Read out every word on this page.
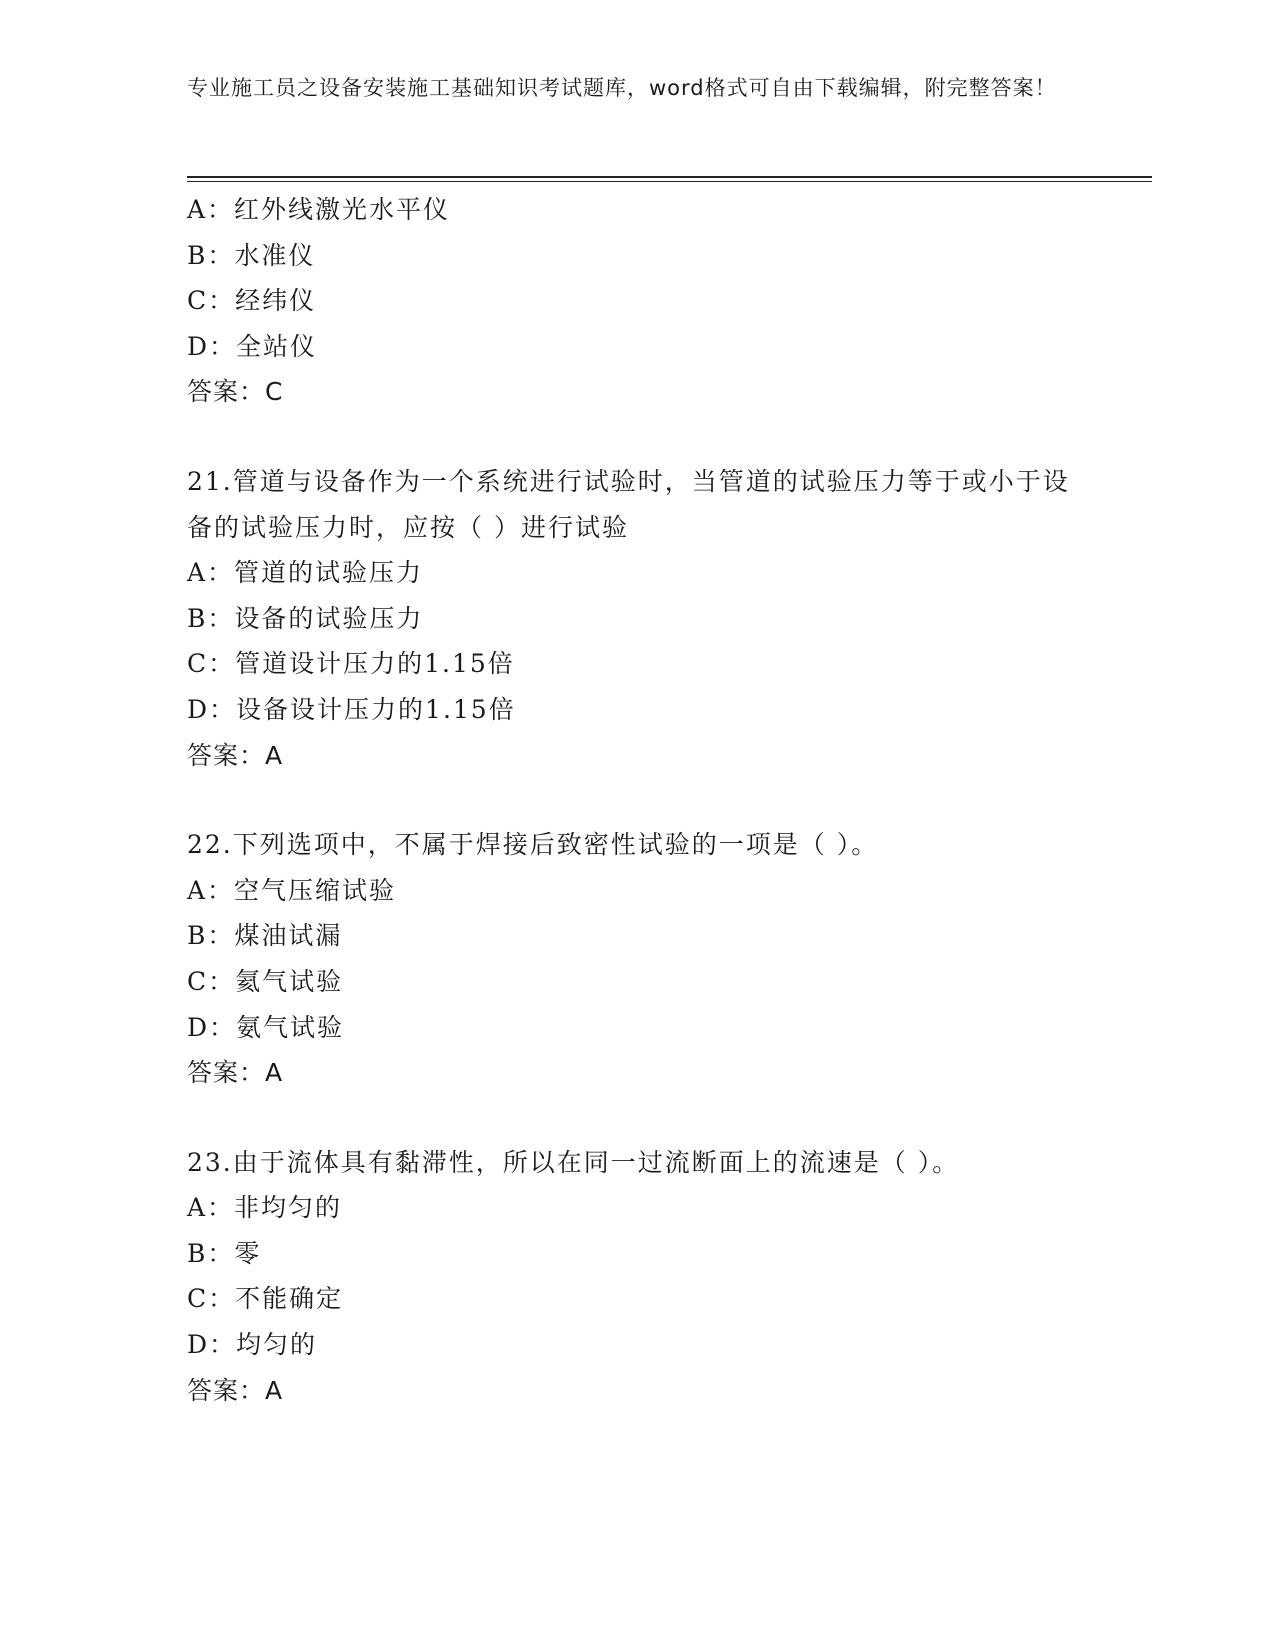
专业施工员之设备安装施工基础知识考试题库，word格式可自由下载编辑，附完整答案！
A：红外线激光水平仪
B：水准仪
C：经纬仪
D：全站仪
答案：C
21.管道与设备作为一个系统进行试验时，当管道的试验压力等于或小于设备的试验压力时，应按（ ）进行试验
A：管道的试验压力
B：设备的试验压力
C：管道设计压力的1.15倍
D：设备设计压力的1.15倍
答案：A
22.下列选项中，不属于焊接后致密性试验的一项是（ ）。
A：空气压缩试验
B：煤油试漏
C：氦气试验
D：氨气试验
答案：A
23.由于流体具有黏滞性，所以在同一过流断面上的流速是（ ）。
A：非均匀的
B：零
C：不能确定
D：均匀的
答案：A
